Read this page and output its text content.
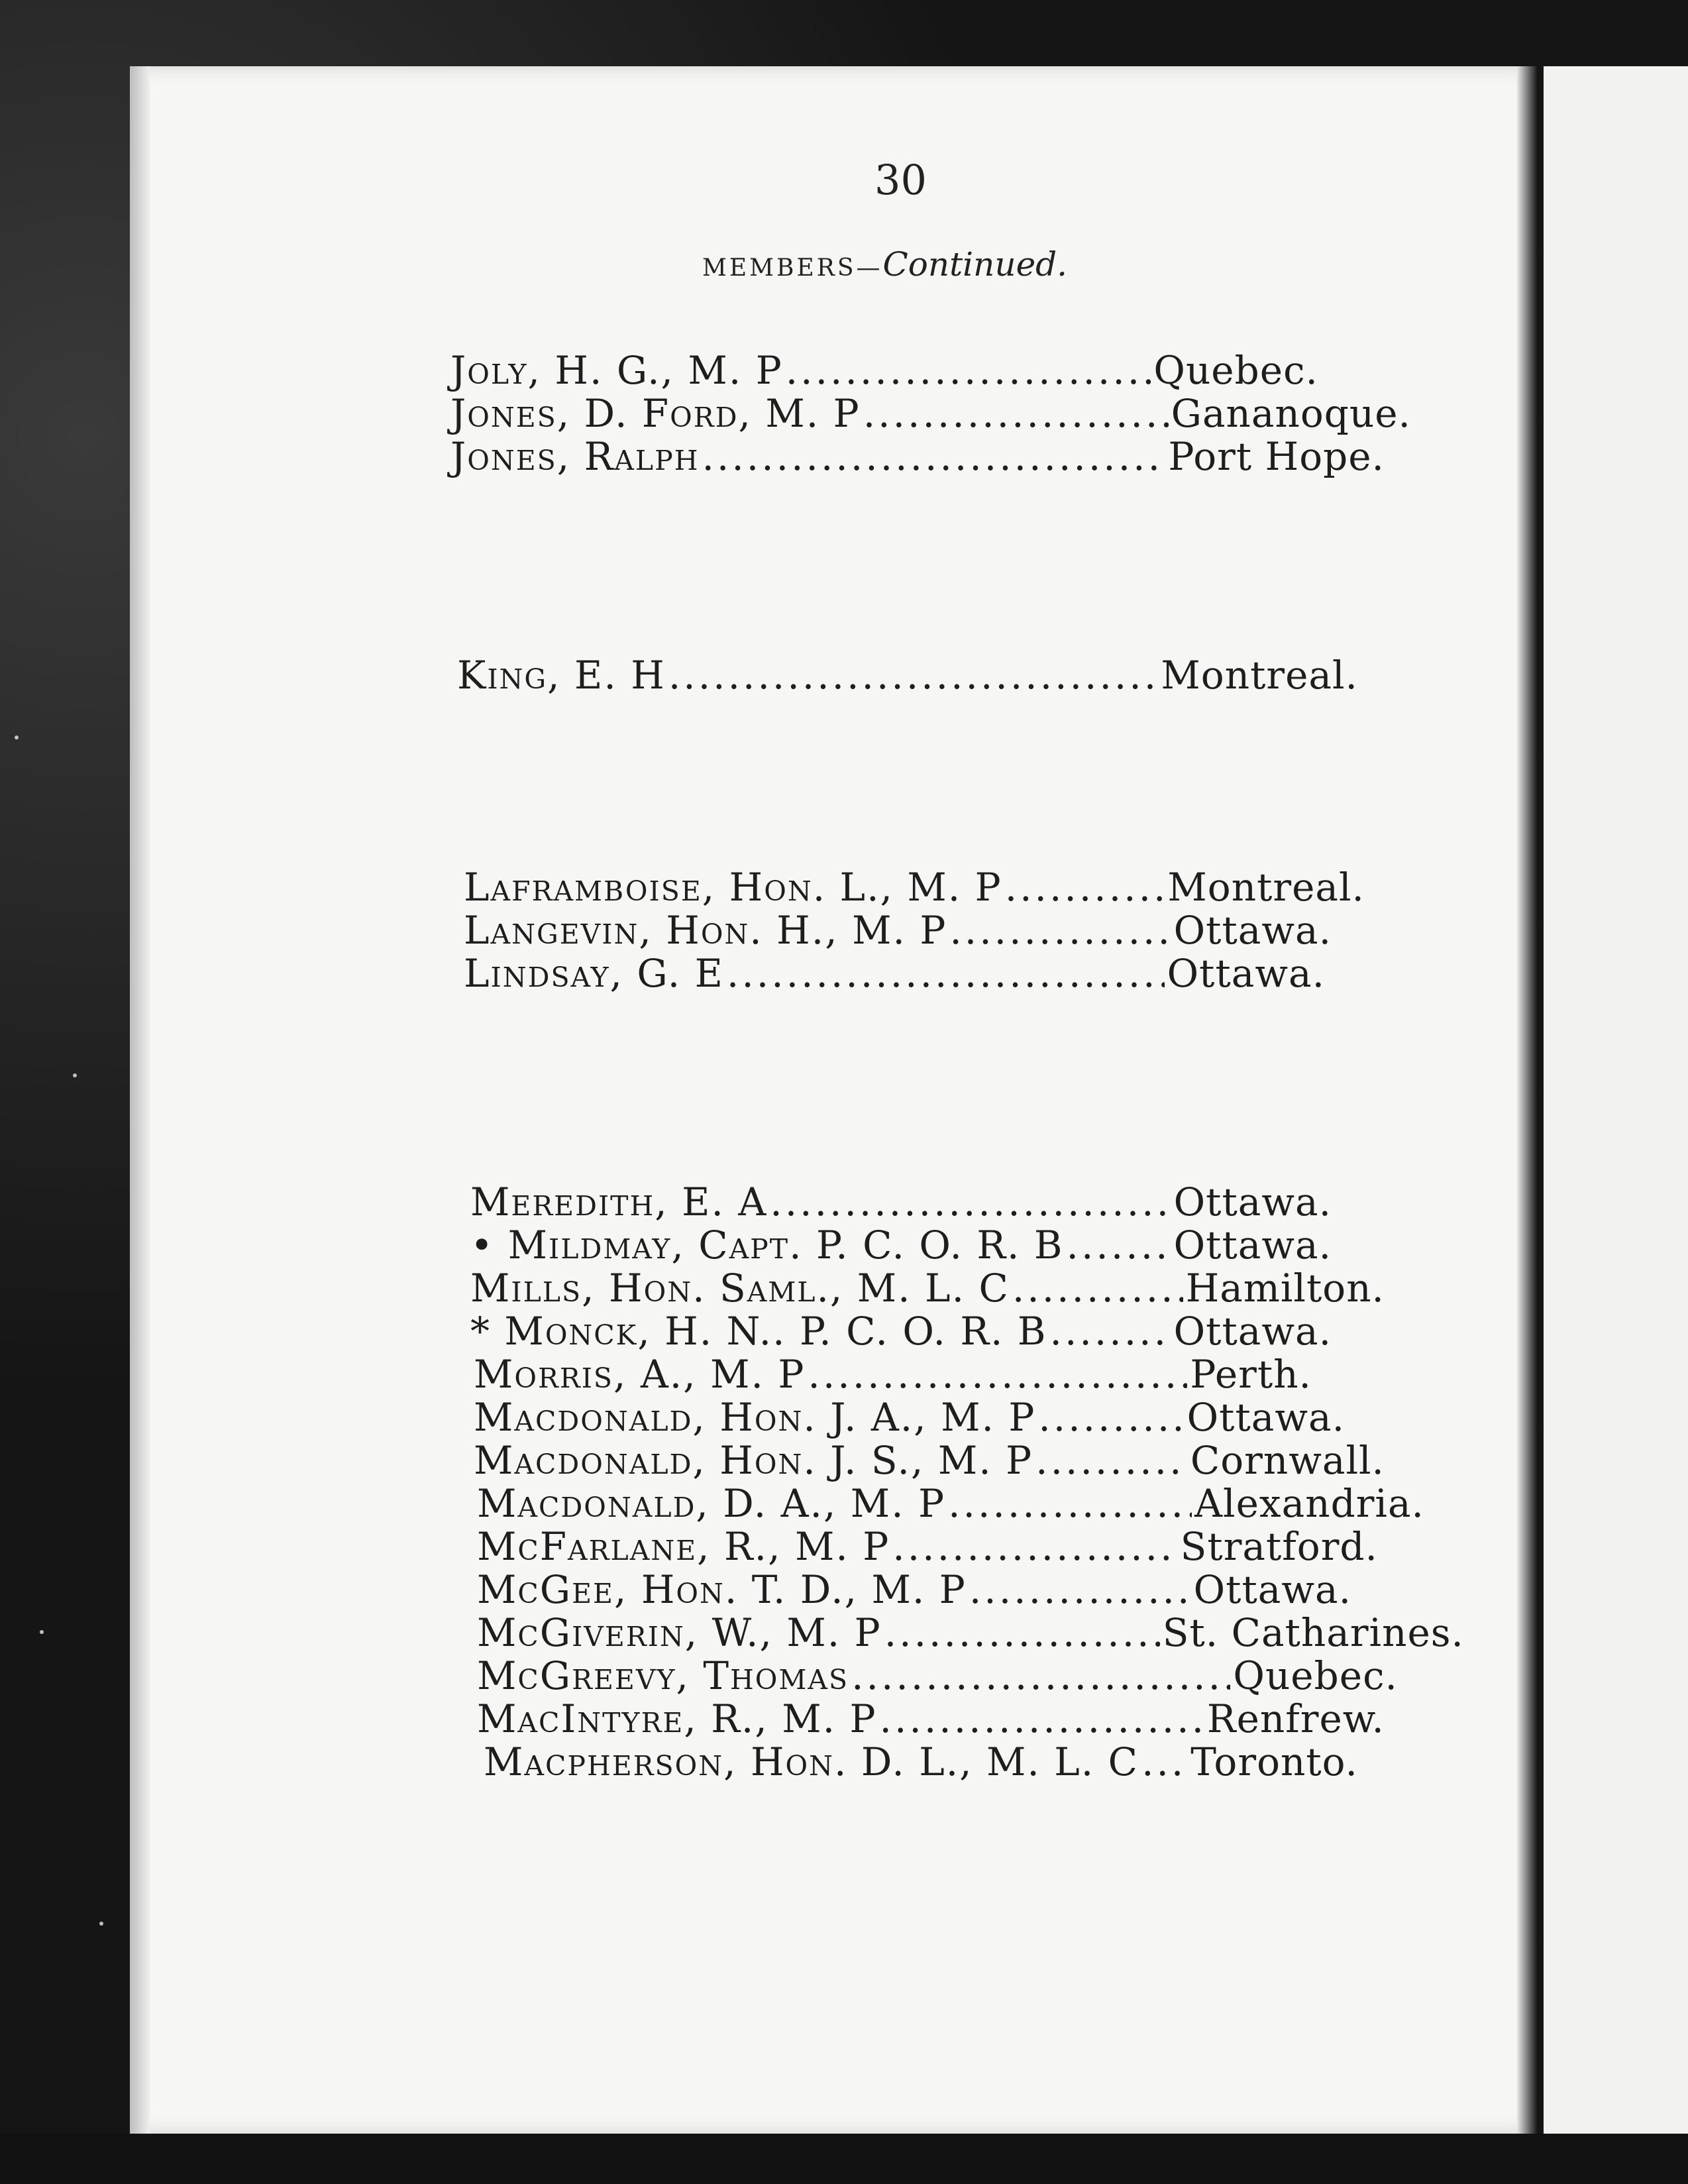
30
MEMBERS—Continued.
Joly, H. G., M. P .....	Quebec.
Jones, D. Ford, M. P .....	Gananoque.
Jones, Ralph .....	Port Hope.
King, E. H .....	Montreal.
Laframboise, Hon. L., M. P .....	Montreal.
Langevin, Hon. H., M. P .....	Ottawa.
Lindsay, G. E .....	Ottawa.
Meredith, E. A .....	Ottawa.
• Mildmay, Capt. P. C. O. R. B .....	Ottawa.
Mills, Hon. Saml., M. L. C .....	Hamilton.
* Monck, H. N.. P. C. O. R. B .....	Ottawa.
Morris, A., M. P .....	Perth.
Macdonald, Hon. J. A., M. P .....	Ottawa.
Macdonald, Hon. J. S., M. P .....	Cornwall.
Macdonald, D. A., M. P .....	Alexandria.
McFarlane, R., M. P .....	Stratford.
McGee, Hon. T. D., M. P .....	Ottawa.
McGiverin, W., M. P .....	St. Catharines.
McGreevy, Thomas .....	Quebec.
MacIntyre, R., M. P .....	Renfrew.
Macpherson, Hon. D. L., M. L. C ..... Toronto.
